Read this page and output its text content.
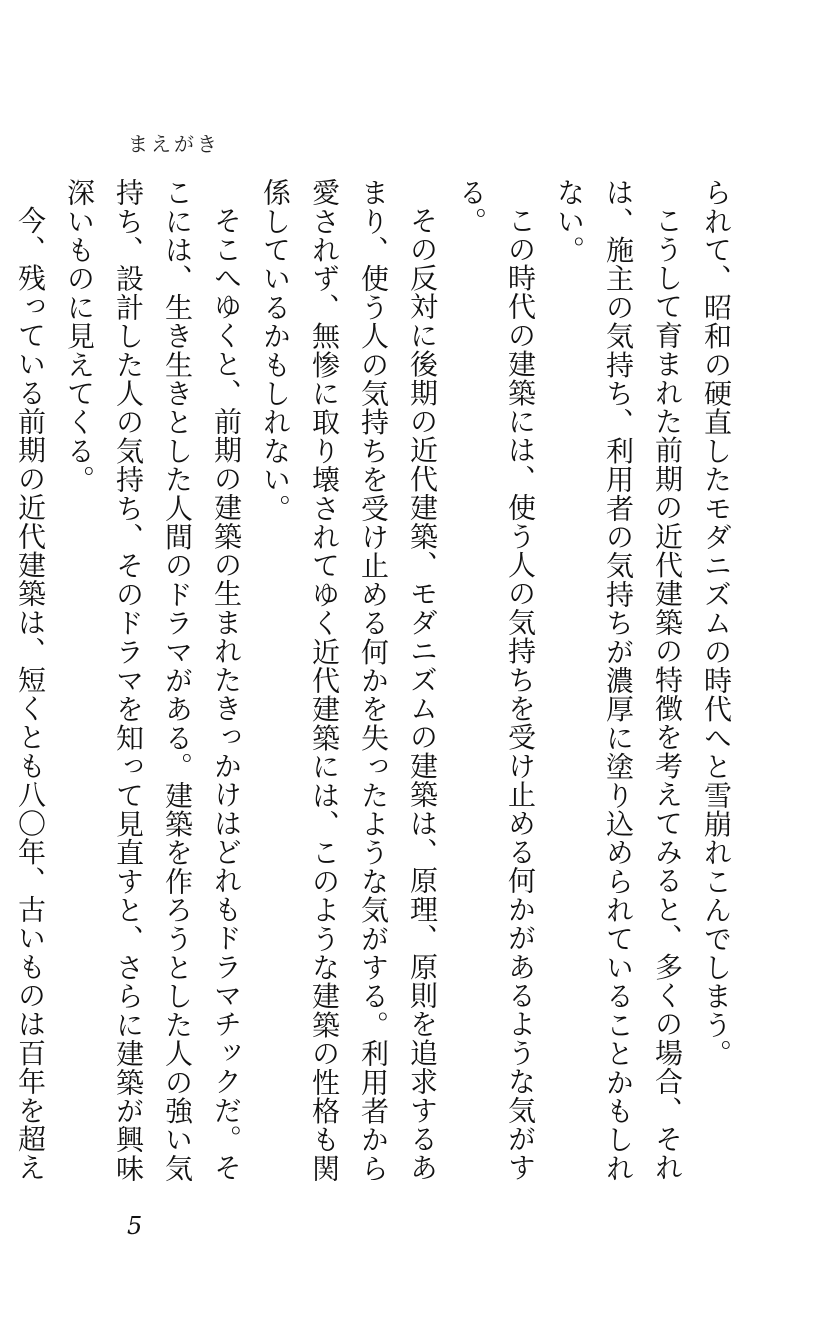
まえがき

られて、昭和の硬直したモダニズムの時代へと雪崩れこんでしまう。

こうして育まれた前期の近代建築の特徴を考えてみると、多くの場合、それは、施主の気持ち、利用者の気持ちが濃厚に塗り込められていることかもしれない。

この時代の建築には、使う人の気持ちを受け止める何かがあるような気がする。

その反対に後期の近代建築、モダニズムの建築は、原理、原則を追求するあまり、使う人の気持ちを受け止める何かを失ったような気がする。利用者から愛されず、無惨に取り壊されてゆく近代建築には、このような建築の性格も関係しているかもしれない。

そこへゆくと、前期の建築の生まれたきっかけはどれもドラマチックだ。そこには、生き生きとした人間のドラマがある。建築を作ろうとした人の強い気持ち、設計した人の気持ち、そのドラマを知って見直すと、さらに建築が興味深いものに見えてくる。

今、残っている前期の近代建築は、短くとも八〇年、古いものは百年を超え

5
